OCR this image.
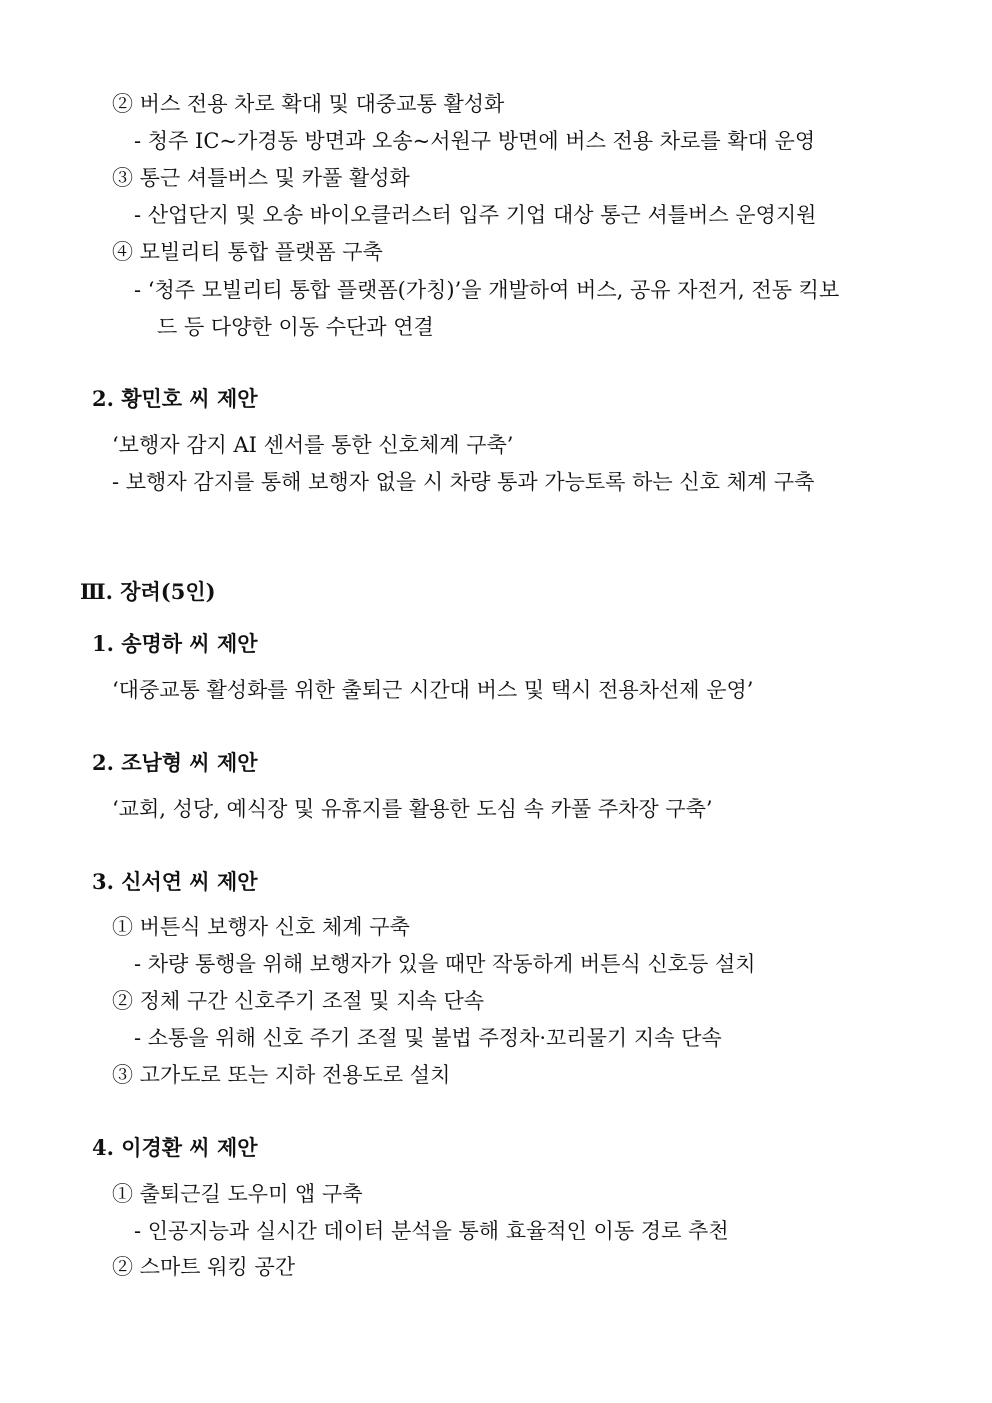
② 버스 전용 차로 확대 및 대중교통 활성화
- 청주 IC~가경동 방면과 오송~서원구 방면에 버스 전용 차로를 확대 운영
③ 통근 셔틀버스 및 카풀 활성화
- 산업단지 및 오송 바이오클러스터 입주 기업 대상 통근 셔틀버스 운영지원
④ 모빌리티 통합 플랫폼 구축
- ‘청주 모빌리티 통합 플랫폼(가칭)’을 개발하여 버스, 공유 자전거, 전동 킥보
드 등 다양한 이동 수단과 연결
2. 황민호 씨 제안
‘보행자 감지 AI 센서를 통한 신호체계 구축’
- 보행자 감지를 통해 보행자 없을 시 차량 통과 가능토록 하는 신호 체계 구축
Ⅲ. 장려(5인)
1. 송명하 씨 제안
‘대중교통 활성화를 위한 출퇴근 시간대 버스 및 택시 전용차선제 운영’
2. 조남형 씨 제안
‘교회, 성당, 예식장 및 유휴지를 활용한 도심 속 카풀 주차장 구축’
3. 신서연 씨 제안
① 버튼식 보행자 신호 체계 구축
- 차량 통행을 위해 보행자가 있을 때만 작동하게 버튼식 신호등 설치
② 정체 구간 신호주기 조절 및 지속 단속
- 소통을 위해 신호 주기 조절 및 불법 주정차·꼬리물기 지속 단속
③ 고가도로 또는 지하 전용도로 설치
4. 이경환 씨 제안
① 출퇴근길 도우미 앱 구축
- 인공지능과 실시간 데이터 분석을 통해 효율적인 이동 경로 추천
② 스마트 워킹 공간
